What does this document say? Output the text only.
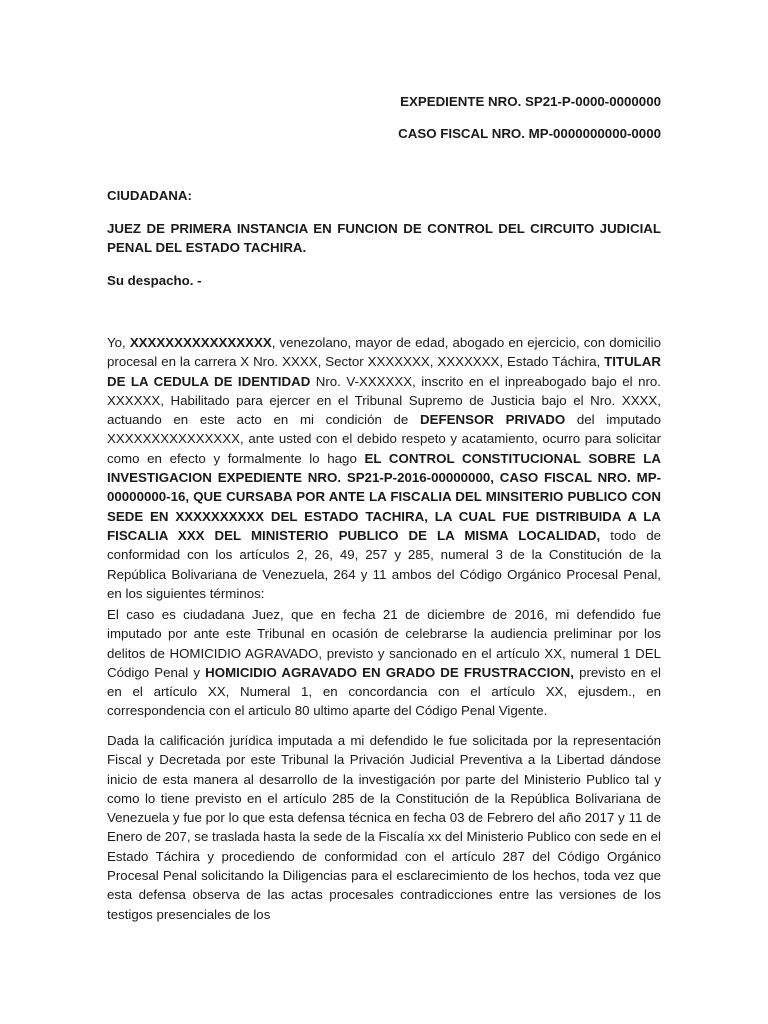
EXPEDIENTE NRO. SP21-P-0000-0000000

CASO FISCAL NRO. MP-0000000000-0000

CIUDADANA:

JUEZ DE PRIMERA INSTANCIA EN FUNCION DE CONTROL DEL CIRCUITO JUDICIAL PENAL DEL ESTADO TACHIRA.

Su despacho. -

Yo, XXXXXXXXXXXXXXXX, venezolano, mayor de edad, abogado en ejercicio, con domicilio procesal en la carrera X Nro. XXXX, Sector XXXXXXX, XXXXXXX, Estado Táchira, TITULAR DE LA CEDULA DE IDENTIDAD Nro. V-XXXXXX, inscrito en el inpreabogado bajo el nro. XXXXXX, Habilitado para ejercer en el Tribunal Supremo de Justicia bajo el Nro. XXXX, actuando en este acto en mi condición de DEFENSOR PRIVADO del imputado XXXXXXXXXXXXXXX, ante usted con el debido respeto y acatamiento, ocurro para solicitar como en efecto y formalmente lo hago EL CONTROL CONSTITUCIONAL SOBRE LA INVESTIGACION EXPEDIENTE NRO. SP21-P-2016-00000000, CASO FISCAL NRO. MP-00000000-16, QUE CURSABA POR ANTE LA FISCALIA DEL MINSITERIO PUBLICO CON SEDE EN XXXXXXXXXX DEL ESTADO TACHIRA, LA CUAL FUE DISTRIBUIDA A LA FISCALIA XXX DEL MINISTERIO PUBLICO DE LA MISMA LOCALIDAD, todo de conformidad con los artículos 2, 26, 49, 257 y 285, numeral 3 de la Constitución de la República Bolivariana de Venezuela, 264 y 11 ambos del Código Orgánico Procesal Penal, en los siguientes términos:
El caso es ciudadana Juez, que en fecha 21 de diciembre de 2016, mi defendido fue imputado por ante este Tribunal en ocasión de celebrarse la audiencia preliminar por los delitos de HOMICIDIO AGRAVADO, previsto y sancionado en el artículo XX, numeral 1 DEL Código Penal y HOMICIDIO AGRAVADO EN GRADO DE FRUSTRACCION, previsto en el en el artículo XX, Numeral 1, en concordancia con el artículo XX, ejusdem., en correspondencia con el articulo 80 ultimo aparte del Código Penal Vigente.
Dada la calificación jurídica imputada a mi defendido le fue solicitada por la representación Fiscal y Decretada por este Tribunal la Privación Judicial Preventiva a la Libertad dándose inicio de esta manera al desarrollo de la investigación por parte del Ministerio Publico tal y como lo tiene previsto en el artículo 285 de la Constitución de la República Bolivariana de Venezuela y fue por lo que esta defensa técnica en fecha 03 de Febrero del año 2017 y 11 de Enero de 207, se traslada hasta la sede de la Fiscalía xx del Ministerio Publico con sede en el Estado Táchira y procediendo de conformidad con el artículo 287 del Código Orgánico Procesal Penal solicitando la Diligencias para el esclarecimiento de los hechos, toda vez que esta defensa observa de las actas procesales contradicciones entre las versiones de los testigos presenciales de los
